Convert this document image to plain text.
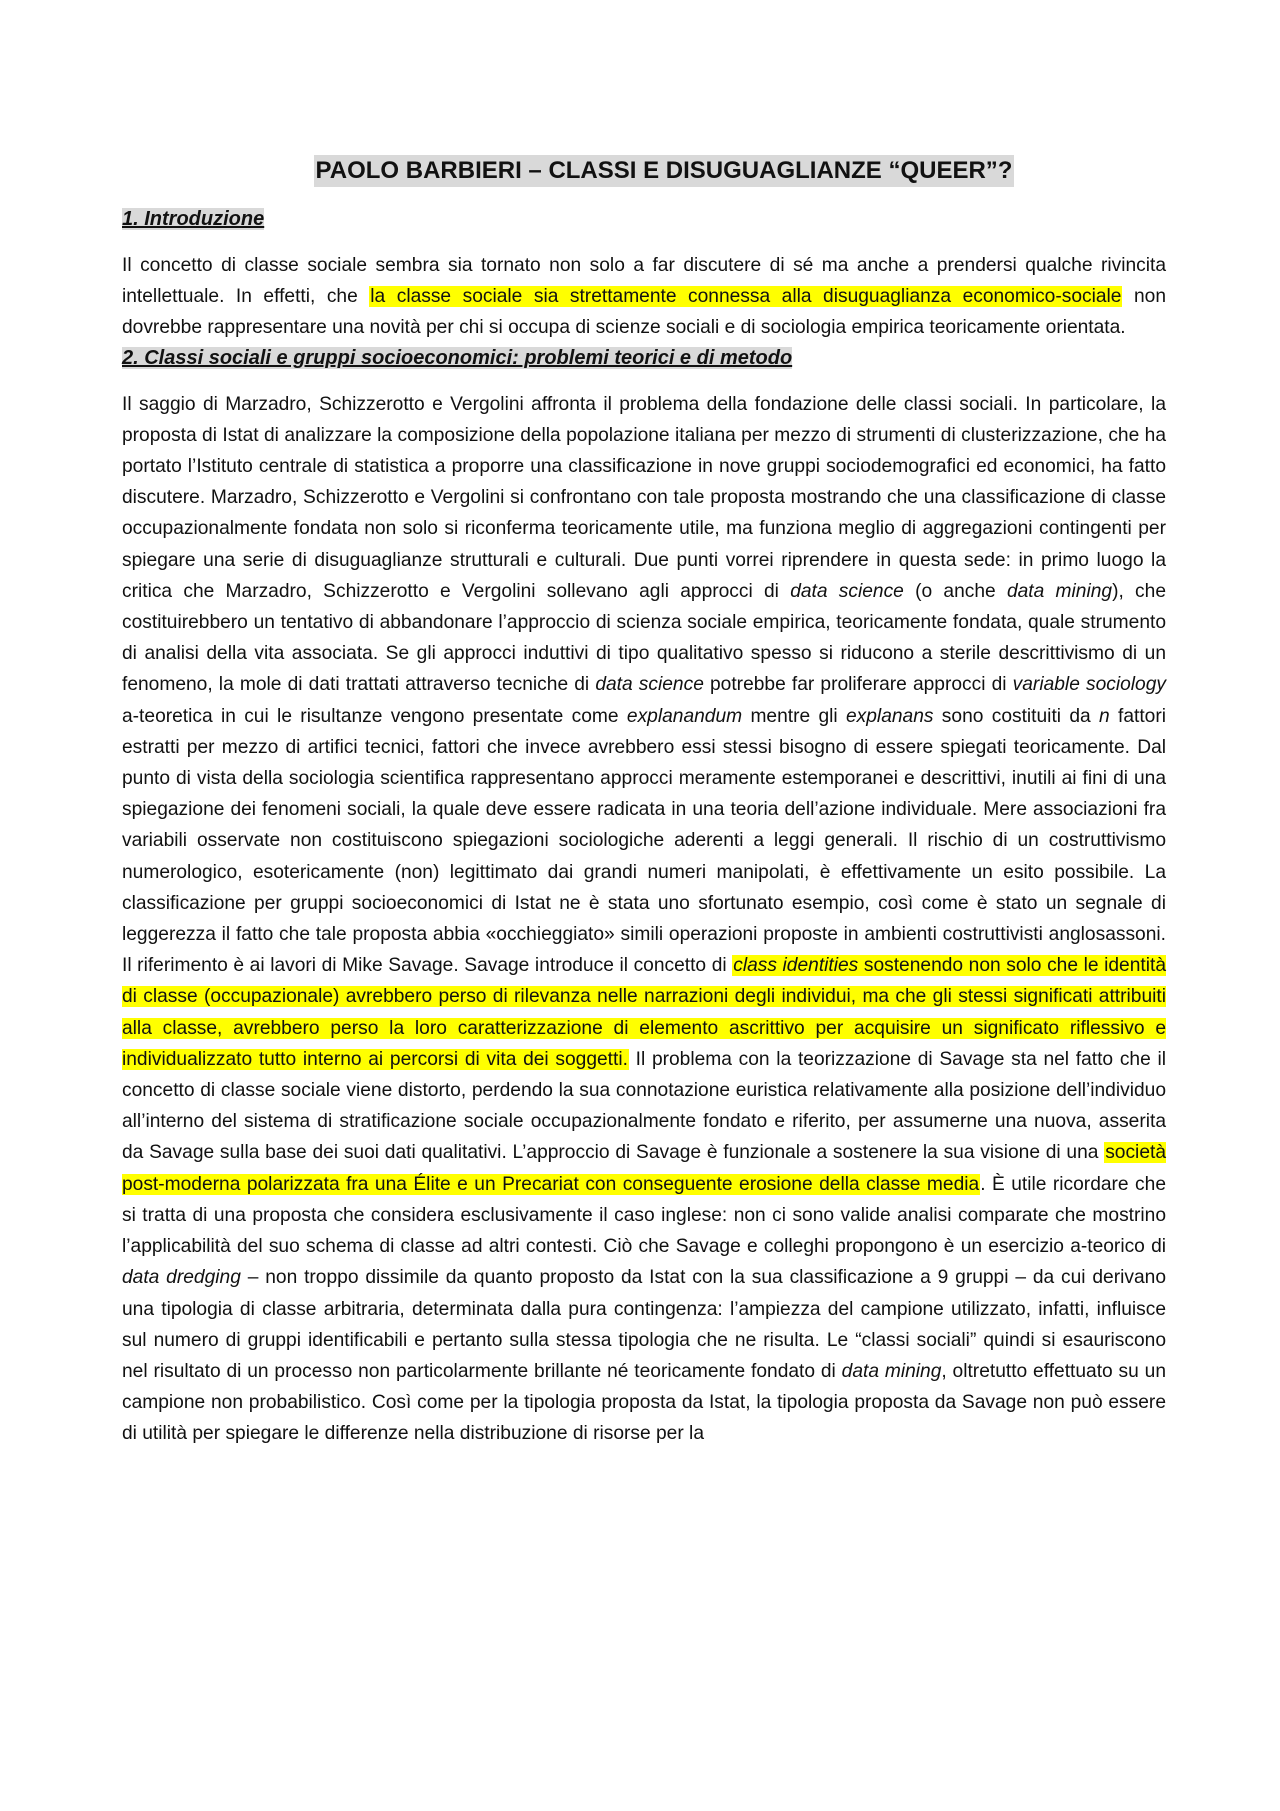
PAOLO BARBIERI – CLASSI E DISUGUAGLIANZE “QUEER”?
1. Introduzione

Il concetto di classe sociale sembra sia tornato non solo a far discutere di sé ma anche a prendersi qualche rivincita intellettuale. In effetti, che la classe sociale sia strettamente connessa alla disuguaglianza economico-sociale non dovrebbe rappresentare una novità per chi si occupa di scienze sociali e di sociologia empirica teoricamente orientata.

2. Classi sociali e gruppi socioeconomici: problemi teorici e di metodo

Il saggio di Marzadro, Schizzerotto e Vergolini affronta il problema della fondazione delle classi sociali. In particolare, la proposta di Istat di analizzare la composizione della popolazione italiana per mezzo di strumenti di clusterizzazione, che ha portato l’Istituto centrale di statistica a proporre una classificazione in nove gruppi sociodemografici ed economici, ha fatto discutere. Marzadro, Schizzerotto e Vergolini si confrontano con tale proposta mostrando che una classificazione di classe occupazionalmente fondata non solo si riconferma teoricamente utile, ma funziona meglio di aggregazioni contingenti per spiegare una serie di disuguaglianze strutturali e culturali. Due punti vorrei riprendere in questa sede: in primo luogo la critica che Marzadro, Schizzerotto e Vergolini sollevano agli approcci di data science (o anche data mining), che costituirebbero un tentativo di abbandonare l’approccio di scienza sociale empirica, teoricamente fondata, quale strumento di analisi della vita associata. Se gli approcci induttivi di tipo qualitativo spesso si riducono a sterile descrittivismo di un fenomeno, la mole di dati trattati attraverso tecniche di data science potrebbe far proliferare approcci di variable sociology a-teoretica in cui le risultanze vengono presentate come explanandum mentre gli explanans sono costituiti da n fattori estratti per mezzo di artifici tecnici, fattori che invece avrebbero essi stessi bisogno di essere spiegati teoricamente. Dal punto di vista della sociologia scientifica rappresentano approcci meramente estemporanei e descrittivi, inutili ai fini di una spiegazione dei fenomeni sociali, la quale deve essere radicata in una teoria dell’azione individuale. Mere associazioni fra variabili osservate non costituiscono spiegazioni sociologiche aderenti a leggi generali. Il rischio di un costruttivismo numerologico, esotericamente (non) legittimato dai grandi numeri manipolati, è effettivamente un esito possibile. La classificazione per gruppi socioeconomici di Istat ne è stata uno sfortunato esempio, così come è stato un segnale di leggerezza il fatto che tale proposta abbia «occhieggiato» simili operazioni proposte in ambienti costruttivisti anglosassoni. Il riferimento è ai lavori di Mike Savage. Savage introduce il concetto di class identities sostenendo non solo che le identità di classe (occupazionale) avrebbero perso di rilevanza nelle narrazioni degli individui, ma che gli stessi significati attribuiti alla classe, avrebbero perso la loro caratterizzazione di elemento ascrittivo per acquisire un significato riflessivo e individualizzato tutto interno ai percorsi di vita dei soggetti. Il problema con la teorizzazione di Savage sta nel fatto che il concetto di classe sociale viene distorto, perdendo la sua connotazione euristica relativamente alla posizione dell’individuo all’interno del sistema di stratificazione sociale occupazionalmente fondato e riferito, per assumerne una nuova, asserita da Savage sulla base dei suoi dati qualitativi. L’approccio di Savage è funzionale a sostenere la sua visione di una società post-moderna polarizzata fra una Élite e un Precariat con conseguente erosione della classe media. È utile ricordare che si tratta di una proposta che considera esclusivamente il caso inglese: non ci sono valide analisi comparate che mostrino l’applicabilità del suo schema di classe ad altri contesti. Ciò che Savage e colleghi propongono è un esercizio a-teorico di data dredging – non troppo dissimile da quanto proposto da Istat con la sua classificazione a 9 gruppi – da cui derivano una tipologia di classe arbitraria, determinata dalla pura contingenza: l’ampiezza del campione utilizzato, infatti, influisce sul numero di gruppi identificabili e pertanto sulla stessa tipologia che ne risulta. Le “classi sociali” quindi si esauriscono nel risultato di un processo non particolarmente brillante né teoricamente fondato di data mining, oltretutto effettuato su un campione non probabilistico. Così come per la tipologia proposta da Istat, la tipologia proposta da Savage non può essere di utilità per spiegare le differenze nella distribuzione di risorse per la
